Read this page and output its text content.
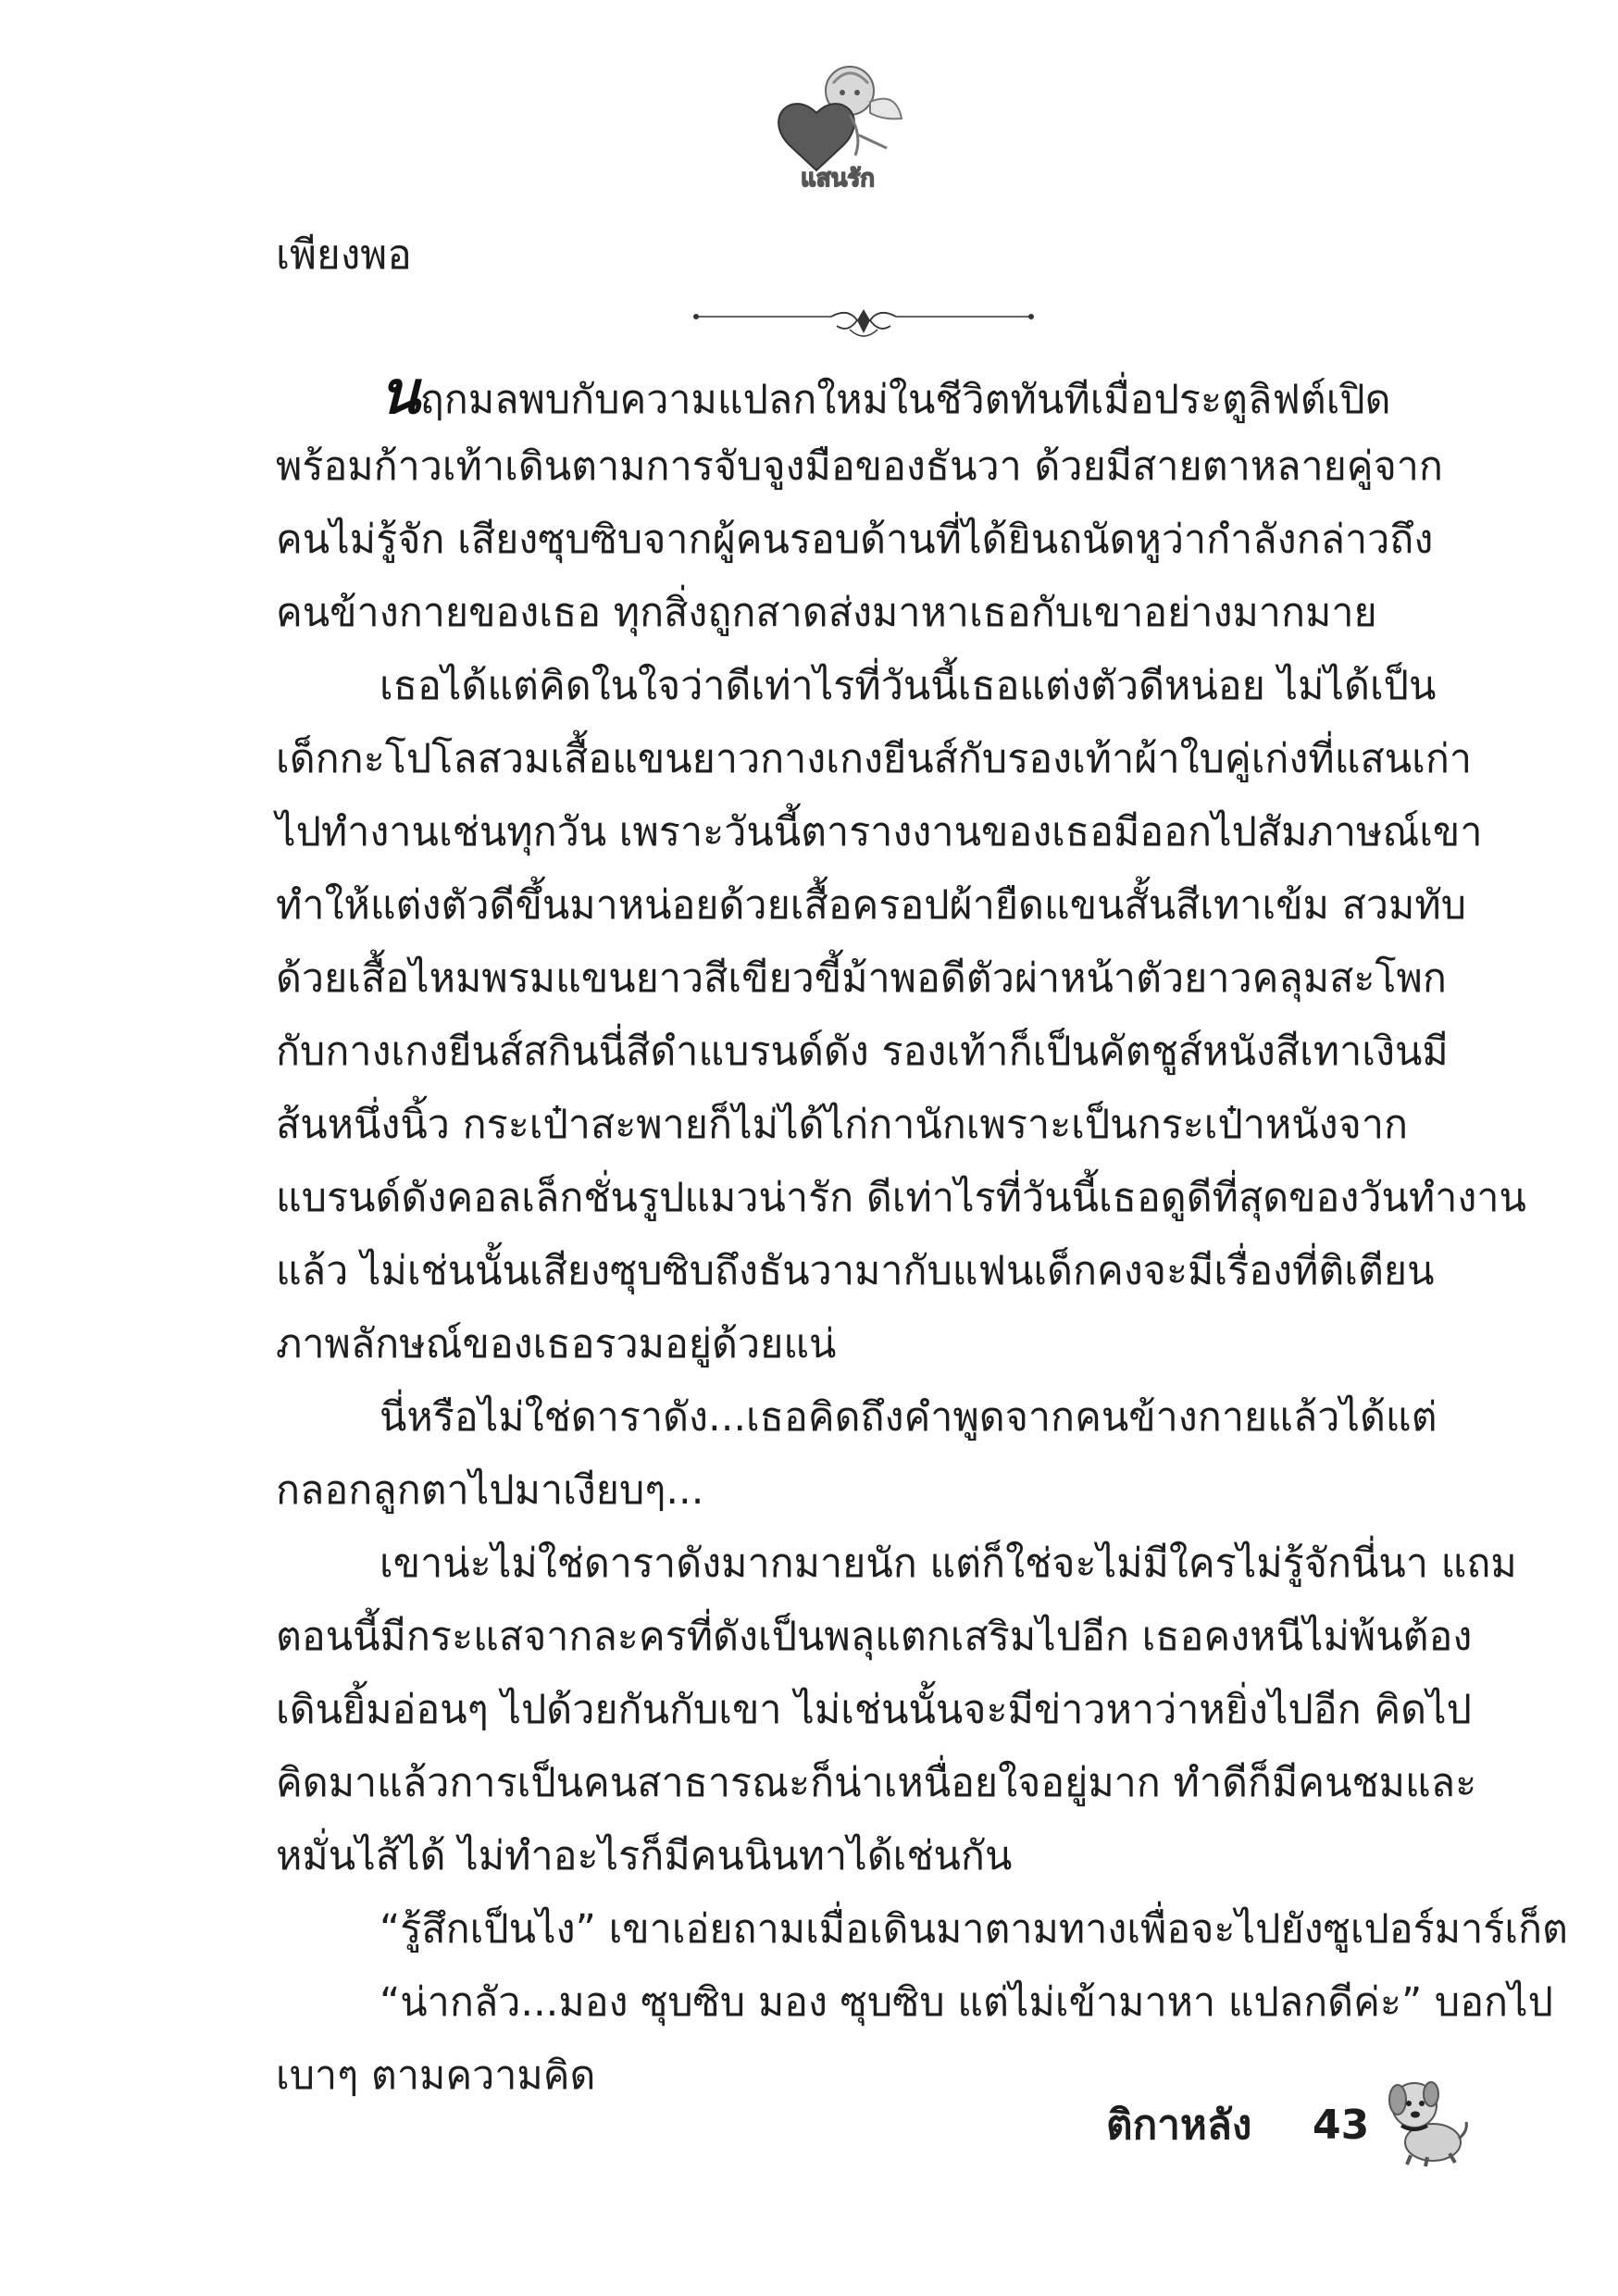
แสนรัก
เพียงพอ
นฤกมลพบกับความแปลกใหม่ในชีวิตทันทีเมื่อประตูลิฟต์เปิด
พร้อมก้าวเท้าเดินตามการจับจูงมือของธันวา ด้วยมีสายตาหลายคู่จาก
คนไม่รู้จัก เสียงซุบซิบจากผู้คนรอบด้านที่ได้ยินถนัดหูว่ากำลังกล่าวถึง
คนข้างกายของเธอ ทุกสิ่งถูกสาดส่งมาหาเธอกับเขาอย่างมากมาย
เธอได้แต่คิดในใจว่าดีเท่าไรที่วันนี้เธอแต่งตัวดีหน่อย ไม่ได้เป็น
เด็กกะโปโลสวมเสื้อแขนยาวกางเกงยีนส์กับรองเท้าผ้าใบคู่เก่งที่แสนเก่า
ไปทำงานเช่นทุกวัน เพราะวันนี้ตารางงานของเธอมีออกไปสัมภาษณ์เขา
ทำให้แต่งตัวดีขึ้นมาหน่อยด้วยเสื้อครอปผ้ายืดแขนสั้นสีเทาเข้ม สวมทับ
ด้วยเสื้อไหมพรมแขนยาวสีเขียวขี้ม้าพอดีตัวผ่าหน้าตัวยาวคลุมสะโพก
กับกางเกงยีนส์สกินนี่สีดำแบรนด์ดัง รองเท้าก็เป็นคัตชูส์หนังสีเทาเงินมี
ส้นหนึ่งนิ้ว กระเป๋าสะพายก็ไม่ได้ไก่กานักเพราะเป็นกระเป๋าหนังจาก
แบรนด์ดังคอลเล็กชั่นรูปแมวน่ารัก ดีเท่าไรที่วันนี้เธอดูดีที่สุดของวันทำงาน
แล้ว ไม่เช่นนั้นเสียงซุบซิบถึงธันวามากับแฟนเด็กคงจะมีเรื่องที่ติเตียน
ภาพลักษณ์ของเธอรวมอยู่ด้วยแน่
นี่หรือไม่ใช่ดาราดัง...เธอคิดถึงคำพูดจากคนข้างกายแล้วได้แต่
กลอกลูกตาไปมาเงียบๆ...
เขาน่ะไม่ใช่ดาราดังมากมายนัก แต่ก็ใช่จะไม่มีใครไม่รู้จักนี่นา แถม
ตอนนี้มีกระแสจากละครที่ดังเป็นพลุแตกเสริมไปอีก เธอคงหนีไม่พ้นต้อง
เดินยิ้มอ่อนๆ ไปด้วยกันกับเขา ไม่เช่นนั้นจะมีข่าวหาว่าหยิ่งไปอีก คิดไป
คิดมาแล้วการเป็นคนสาธารณะก็น่าเหนื่อยใจอยู่มาก ทำดีก็มีคนชมและ
หมั่นไส้ได้ ไม่ทำอะไรก็มีคนนินทาได้เช่นกัน
“รู้สึกเป็นไง” เขาเอ่ยถามเมื่อเดินมาตามทางเพื่อจะไปยังซูเปอร์มาร์เก็ต
“น่ากลัว...มอง ซุบซิบ มอง ซุบซิบ แต่ไม่เข้ามาหา แปลกดีค่ะ” บอกไป
เบาๆ ตามความคิด
ติกาหลัง 43
